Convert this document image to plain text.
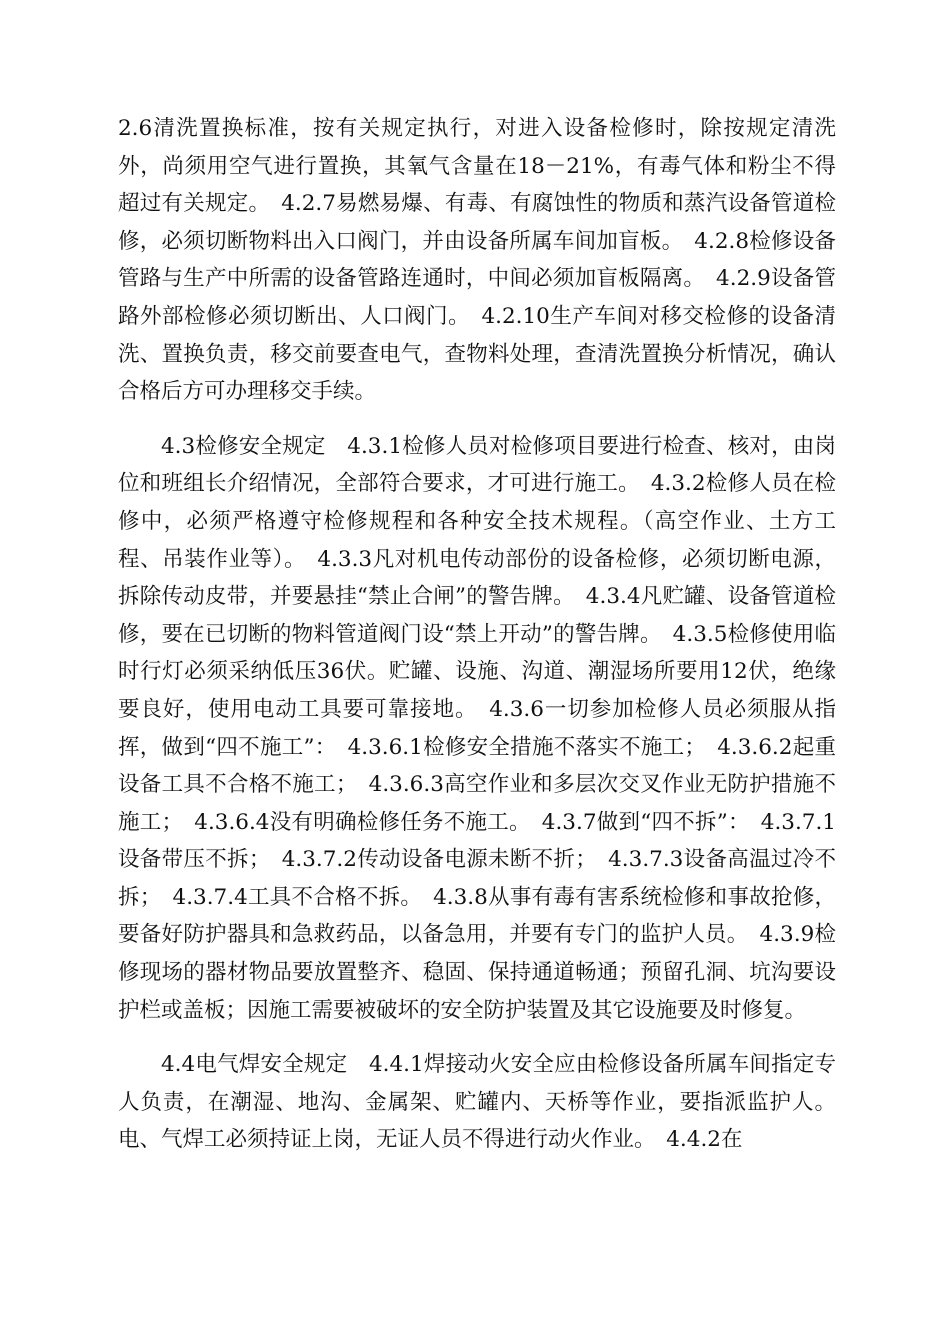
2.6清洗置换标准，按有关规定执行，对进入设备检修时，除按规定清洗外，尚须用空气进行置换，其氧气含量在18－21%，有毒气体和粉尘不得超过有关规定。　4.2.7易燃易爆、有毒、有腐蚀性的物质和蒸汽设备管道检修，必须切断物料出入口阀门，并由设备所属车间加盲板。　4.2.8检修设备管路与生产中所需的设备管路连通时，中间必须加盲板隔离。　4.2.9设备管路外部检修必须切断出、人口阀门。　4.2.10生产车间对移交检修的设备清洗、置换负责，移交前要查电气，查物料处理，查清洗置换分析情况，确认合格后方可办理移交手续。

4.3检修安全规定　4.3.1检修人员对检修项目要进行检查、核对，由岗位和班组长介绍情况，全部符合要求，才可进行施工。　4.3.2检修人员在检修中，必须严格遵守检修规程和各种安全技术规程。（高空作业、土方工程、吊装作业等）。　4.3.3凡对机电传动部份的设备检修，必须切断电源，拆除传动皮带，并要悬挂“禁止合闸”的警告牌。　4.3.4凡贮罐、设备管道检修，要在已切断的物料管道阀门设“禁上开动”的警告牌。　4.3.5检修使用临时行灯必须采纳低压36伏。贮罐、设施、沟道、潮湿场所要用12伏，绝缘要良好，使用电动工具要可靠接地。　4.3.6一切参加检修人员必须服从指挥，做到“四不施工”：　4.3.6.1检修安全措施不落实不施工；　4.3.6.2起重设备工具不合格不施工；　4.3.6.3高空作业和多层次交叉作业无防护措施不施工；　4.3.6.4没有明确检修任务不施工。　4.3.7做到“四不拆”：　4.3.7.1设备带压不拆；　4.3.7.2传动设备电源未断不折；　4.3.7.3设备高温过冷不拆；　4.3.7.4工具不合格不拆。　4.3.8从事有毒有害系统检修和事故抢修，要备好防护器具和急救药品，以备急用，并要有专门的监护人员。　4.3.9检修现场的器材物品要放置整齐、稳固、保持通道畅通；预留孔洞、坑沟要设护栏或盖板；因施工需要被破坏的安全防护装置及其它设施要及时修复。

4.4电气焊安全规定　4.4.1焊接动火安全应由检修设备所属车间指定专人负责，在潮湿、地沟、金属架、贮罐内、天桥等作业，要指派监护人。电、气焊工必须持证上岗，无证人员不得进行动火作业。　4.4.2在
